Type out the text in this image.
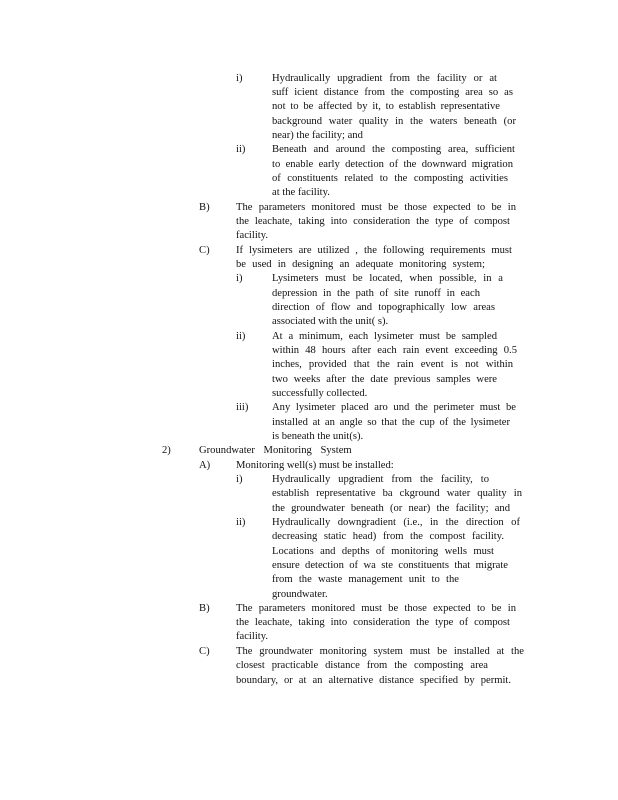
i)	Hydraulically upgradient from the facility or at
suff icient distance from the composting area so as
not to be affected by it, to establish representative
background water quality in the waters beneath (or
near) the facility; and
ii)	Beneath and around the composting area, sufficient
to enable early detection of the downward migration
of constituents related to the composting activities
at the facility.
B) The parameters monitored must be those expected to be in
the leachate, taking into consideration the type of compost
facility.
C) If lysimeters are utilized , the following requirements must
be used in designing an adequate monitoring system;
i)	Lysimeters must be located, when possible, in a
depression in the path of site runoff in each
direction of flow and topographically low areas
associated with the unit( s).
ii)	At a minimum, each lysimeter must be sampled
within 48 hours after each rain event exceeding 0.5
inches, provided that the rain event is not within
two weeks after the date previous samples were
successfully collected.
iii) Any lysimeter placed aro und the perimeter must be
installed at an angle so that the cup of the lysimeter
is beneath the unit(s).
2)	Groundwater Monitoring System
A) Monitoring well(s) must be installed:
i)	Hydraulically upgradient from the facility, to
establish representative ba ckground water quality in
the groundwater beneath (or near) the facility; and
ii)	Hydraulically downgradient (i.e., in the direction of
decreasing static head) from the compost facility.
Locations and depths of monitoring wells must
ensure detection of wa ste constituents that migrate
from the waste management unit to the
groundwater.
B) The parameters monitored must be those expected to be in
the leachate, taking into consideration the type of compost
facility.
C) The groundwater monitoring system must be installed at the
closest practicable distance from the composting area
boundary, or at an alternative distance specified by permit.
